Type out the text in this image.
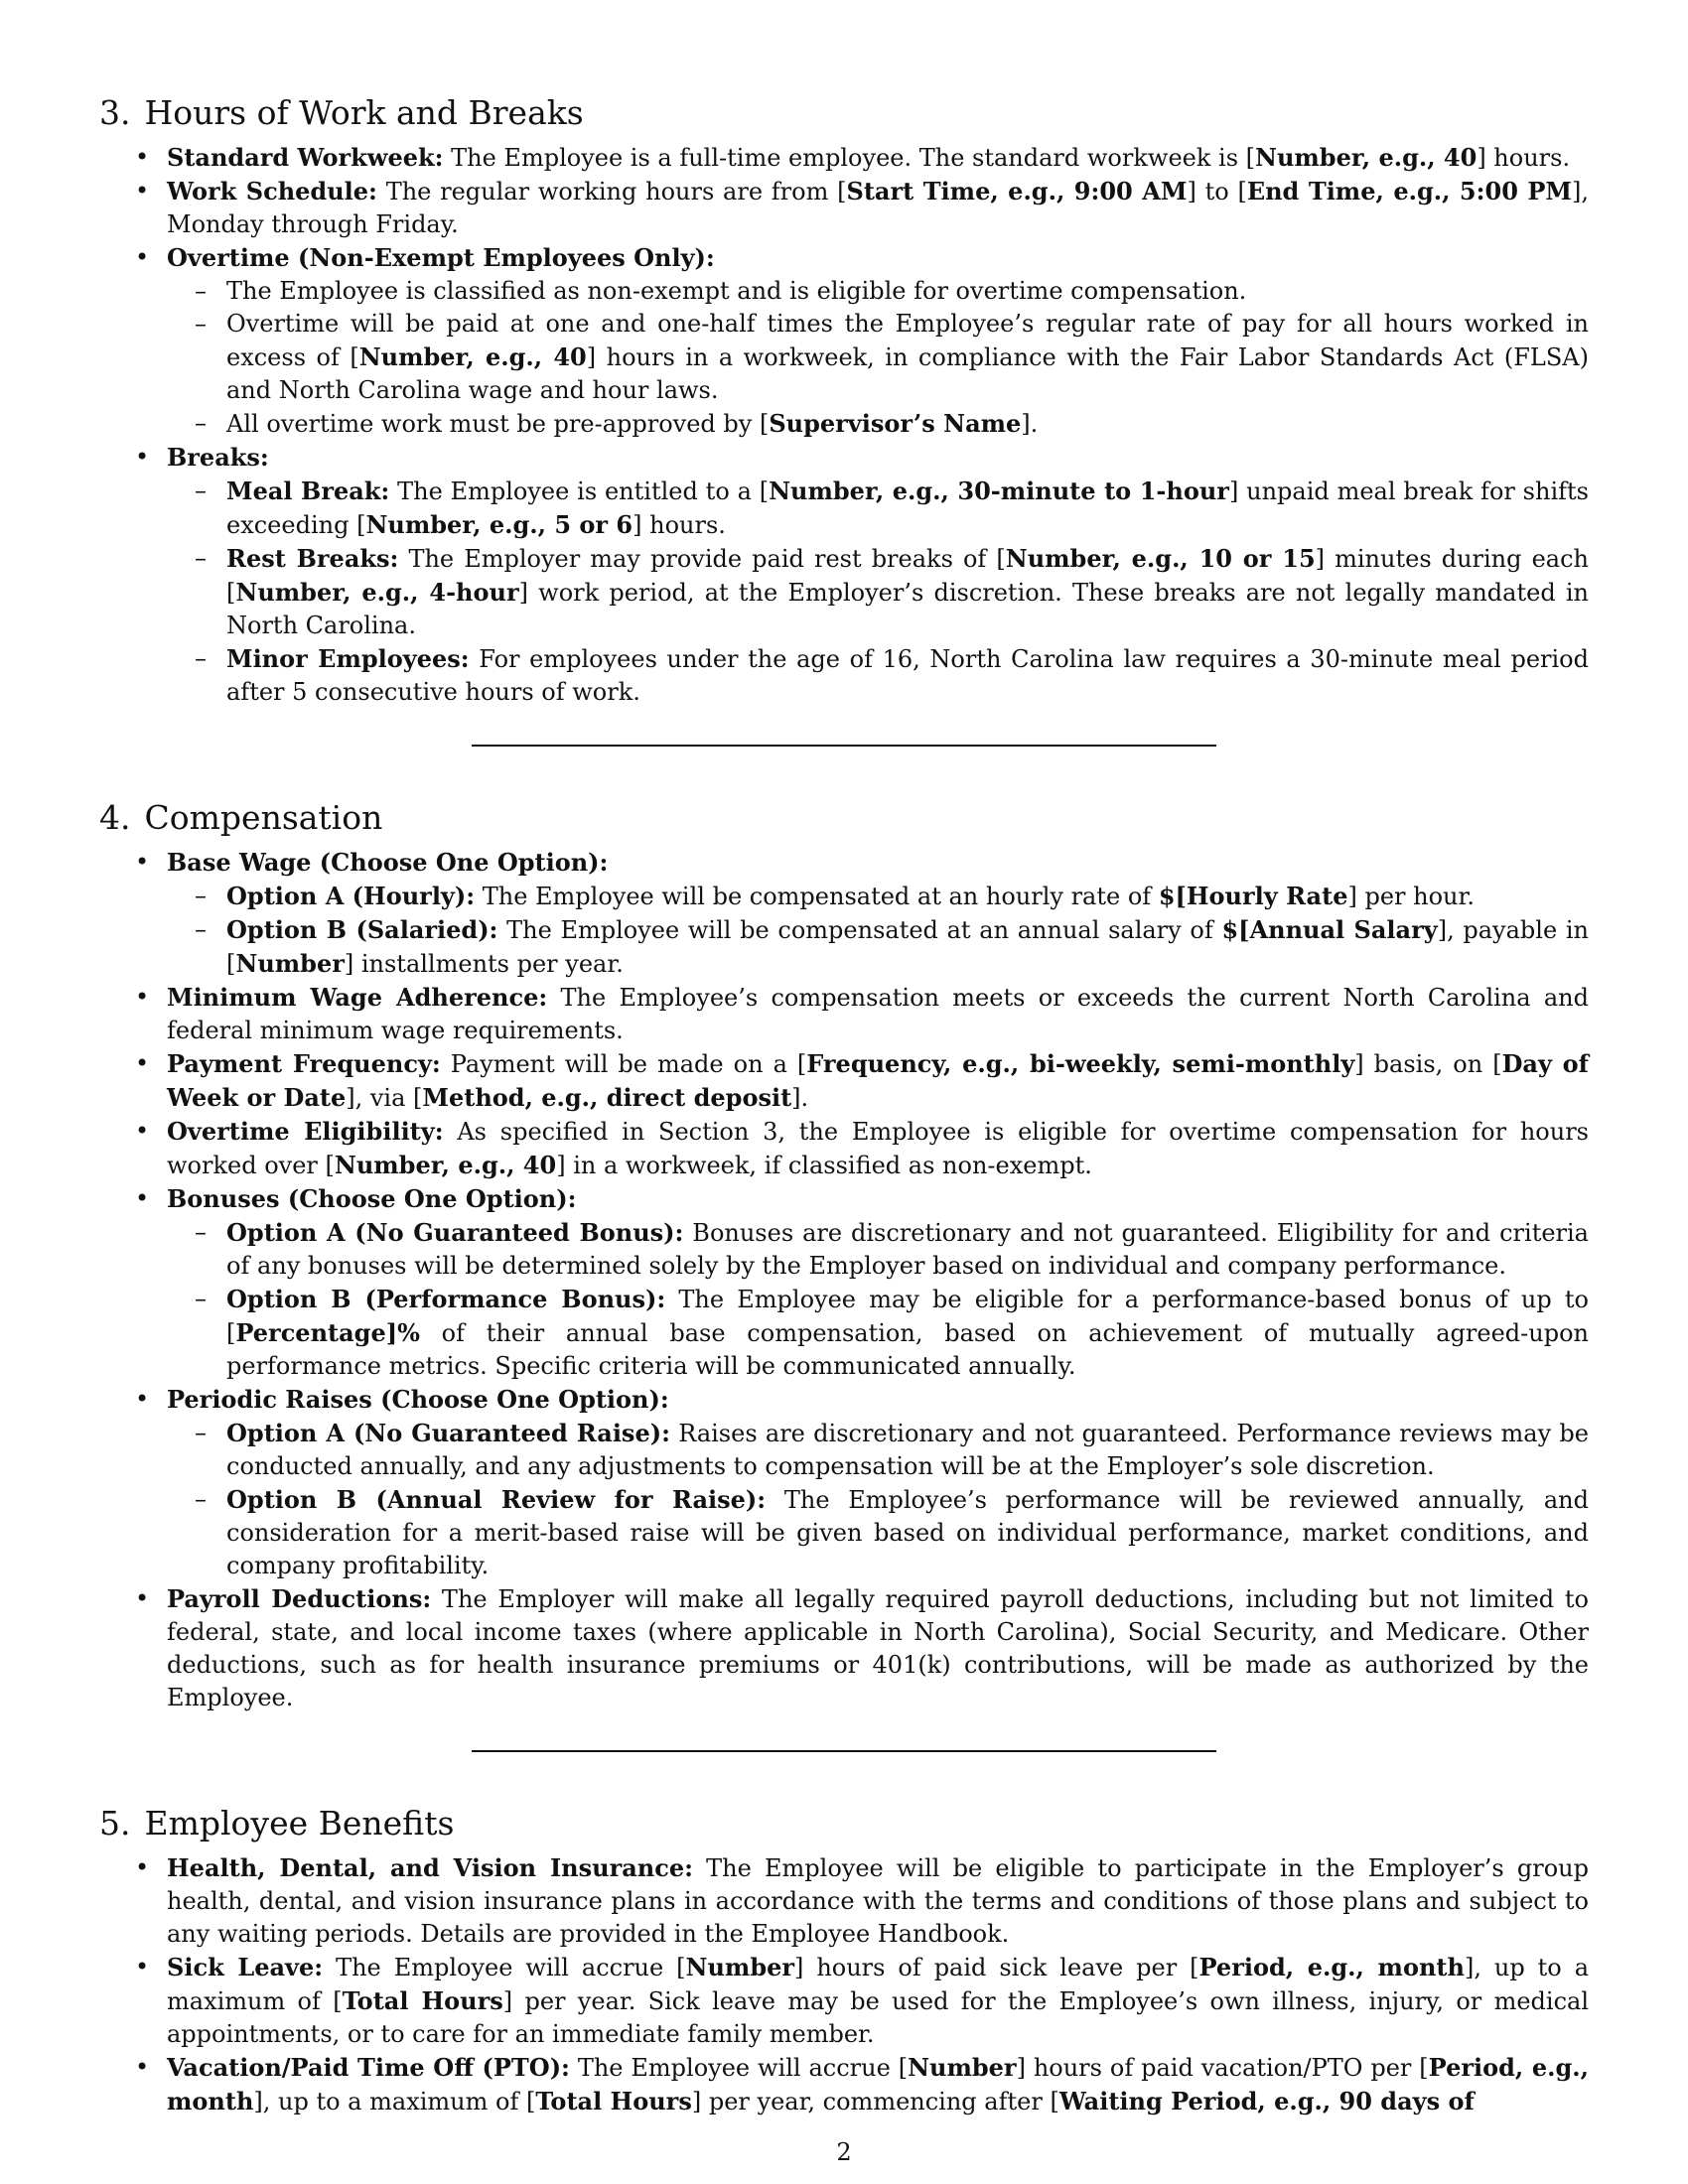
3. Hours of Work and Breaks
• Standard Workweek: The Employee is a full-time employee. The standard workweek is [Number, e.g., 40] hours.
• Work Schedule: The regular working hours are from [Start Time, e.g., 9:00 AM] to [End Time, e.g., 5:00 PM], Monday through Friday.
• Overtime (Non-Exempt Employees Only):
– The Employee is classified as non-exempt and is eligible for overtime compensation.
– Overtime will be paid at one and one-half times the Employee’s regular rate of pay for all hours worked in excess of [Number, e.g., 40] hours in a workweek, in compliance with the Fair Labor Standards Act (FLSA) and North Carolina wage and hour laws.
– All overtime work must be pre-approved by [Supervisor’s Name].
• Breaks:
– Meal Break: The Employee is entitled to a [Number, e.g., 30-minute to 1-hour] unpaid meal break for shifts exceeding [Number, e.g., 5 or 6] hours.
– Rest Breaks: The Employer may provide paid rest breaks of [Number, e.g., 10 or 15] minutes during each [Number, e.g., 4-hour] work period, at the Employer’s discretion. These breaks are not legally mandated in North Carolina.
– Minor Employees: For employees under the age of 16, North Carolina law requires a 30-minute meal period after 5 consecutive hours of work.
4. Compensation
• Base Wage (Choose One Option):
– Option A (Hourly): The Employee will be compensated at an hourly rate of $[Hourly Rate] per hour.
– Option B (Salaried): The Employee will be compensated at an annual salary of $[Annual Salary], payable in [Number] installments per year.
• Minimum Wage Adherence: The Employee’s compensation meets or exceeds the current North Carolina and federal minimum wage requirements.
• Payment Frequency: Payment will be made on a [Frequency, e.g., bi-weekly, semi-monthly] basis, on [Day of Week or Date], via [Method, e.g., direct deposit].
• Overtime Eligibility: As specified in Section 3, the Employee is eligible for overtime compensation for hours worked over [Number, e.g., 40] in a workweek, if classified as non-exempt.
• Bonuses (Choose One Option):
– Option A (No Guaranteed Bonus): Bonuses are discretionary and not guaranteed. Eligibility for and criteria of any bonuses will be determined solely by the Employer based on individual and company performance.
– Option B (Performance Bonus): The Employee may be eligible for a performance-based bonus of up to [Percentage]% of their annual base compensation, based on achievement of mutually agreed-upon performance metrics. Specific criteria will be communicated annually.
• Periodic Raises (Choose One Option):
– Option A (No Guaranteed Raise): Raises are discretionary and not guaranteed. Performance reviews may be conducted annually, and any adjustments to compensation will be at the Employer’s sole discretion.
– Option B (Annual Review for Raise): The Employee’s performance will be reviewed annually, and consideration for a merit-based raise will be given based on individual performance, market conditions, and company profitability.
• Payroll Deductions: The Employer will make all legally required payroll deductions, including but not limited to federal, state, and local income taxes (where applicable in North Carolina), Social Security, and Medicare. Other deductions, such as for health insurance premiums or 401(k) contributions, will be made as authorized by the Employee.
5. Employee Benefits
• Health, Dental, and Vision Insurance: The Employee will be eligible to participate in the Employer’s group health, dental, and vision insurance plans in accordance with the terms and conditions of those plans and subject to any waiting periods. Details are provided in the Employee Handbook.
• Sick Leave: The Employee will accrue [Number] hours of paid sick leave per [Period, e.g., month], up to a maximum of [Total Hours] per year. Sick leave may be used for the Employee’s own illness, injury, or medical appointments, or to care for an immediate family member.
• Vacation/Paid Time Off (PTO): The Employee will accrue [Number] hours of paid vacation/PTO per [Period, e.g., month], up to a maximum of [Total Hours] per year, commencing after [Waiting Period, e.g., 90 days of
2
